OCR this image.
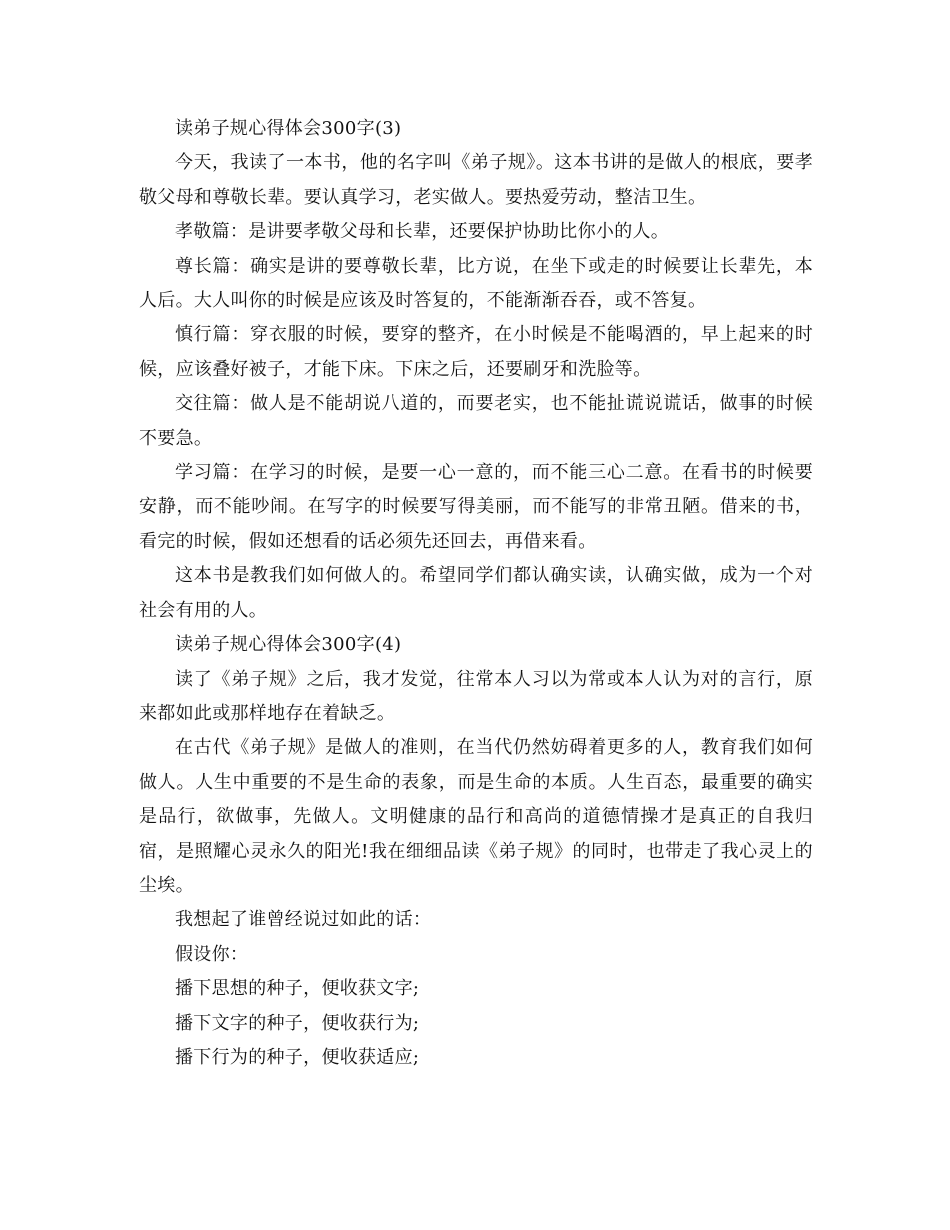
读弟子规心得体会300字(3)

今天，我读了一本书，他的名字叫《弟子规》。这本书讲的是做人的根底，要孝敬父母和尊敬长辈。要认真学习，老实做人。要热爱劳动，整洁卫生。

孝敬篇：是讲要孝敬父母和长辈，还要保护协助比你小的人。

尊长篇：确实是讲的要尊敬长辈，比方说，在坐下或走的时候要让长辈先，本人后。大人叫你的时候是应该及时答复的，不能渐渐吞吞，或不答复。

慎行篇：穿衣服的时候，要穿的整齐，在小时候是不能喝酒的，早上起来的时候，应该叠好被子，才能下床。下床之后，还要刷牙和洗脸等。

交往篇：做人是不能胡说八道的，而要老实，也不能扯谎说谎话，做事的时候不要急。

学习篇：在学习的时候，是要一心一意的，而不能三心二意。在看书的时候要安静，而不能吵闹。在写字的时候要写得美丽，而不能写的非常丑陋。借来的书，看完的时候，假如还想看的话必须先还回去，再借来看。

这本书是教我们如何做人的。希望同学们都认确实读，认确实做，成为一个对社会有用的人。

读弟子规心得体会300字(4)

读了《弟子规》之后，我才发觉，往常本人习以为常或本人认为对的言行，原来都如此或那样地存在着缺乏。

在古代《弟子规》是做人的准则，在当代仍然妨碍着更多的人，教育我们如何做人。人生中重要的不是生命的表象，而是生命的本质。人生百态，最重要的确实是品行，欲做事，先做人。文明健康的品行和高尚的道德情操才是真正的自我归宿，是照耀心灵永久的阳光!我在细细品读《弟子规》的同时，也带走了我心灵上的尘埃。

我想起了谁曾经说过如此的话：

假设你：

播下思想的种子，便收获文字;

播下文字的种子，便收获行为;

播下行为的种子，便收获适应;
